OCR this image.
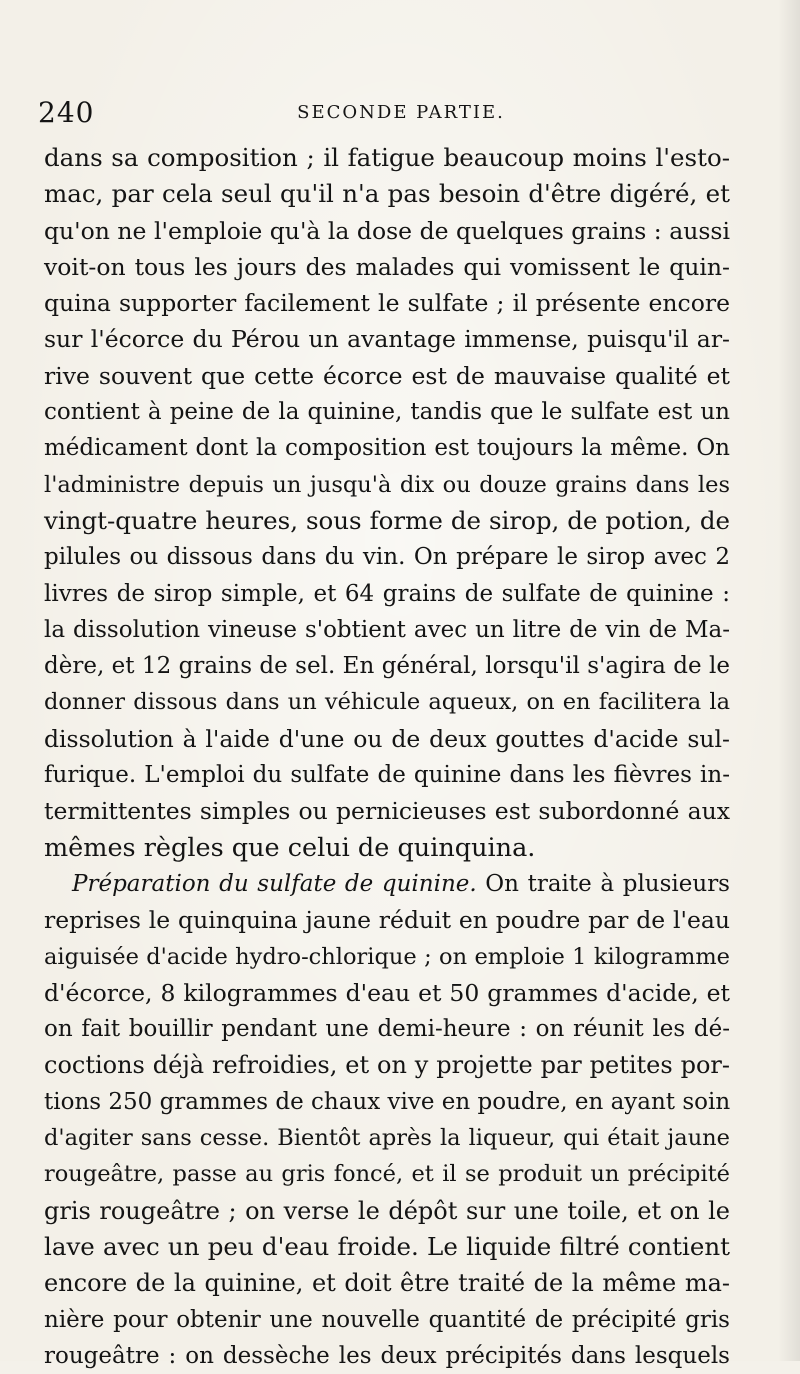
240	SECONDE PARTIE.
dans sa composition ; il fatigue beaucoup moins l'esto-
mac, par cela seul qu'il n'a pas besoin d'être digéré, et
qu'on ne l'emploie qu'à la dose de quelques grains : aussi
voit-on tous les jours des malades qui vomissent le quin-
quina supporter facilement le sulfate ; il présente encore
sur l'écorce du Pérou un avantage immense, puisqu'il ar-
rive souvent que cette écorce est de mauvaise qualité et
contient à peine de la quinine, tandis que le sulfate est un
médicament dont la composition est toujours la même. On
l'administre depuis un jusqu'à dix ou douze grains dans les
vingt-quatre heures, sous forme de sirop, de potion, de
pilules ou dissous dans du vin. On prépare le sirop avec 2
livres de sirop simple, et 64 grains de sulfate de quinine :
la dissolution vineuse s'obtient avec un litre de vin de Ma-
dère, et 12 grains de sel. En général, lorsqu'il s'agira de le
donner dissous dans un véhicule aqueux, on en facilitera la
dissolution à l'aide d'une ou de deux gouttes d'acide sul-
furique. L'emploi du sulfate de quinine dans les fièvres in-
termittentes simples ou pernicieuses est subordonné aux
mêmes règles que celui de quinquina.
Préparation du sulfate de quinine. On traite à plusieurs
reprises le quinquina jaune réduit en poudre par de l'eau
aiguisée d'acide hydro-chlorique ; on emploie 1 kilogramme
d'écorce, 8 kilogrammes d'eau et 50 grammes d'acide, et
on fait bouillir pendant une demi-heure : on réunit les dé-
coctions déjà refroidies, et on y projette par petites por-
tions 250 grammes de chaux vive en poudre, en ayant soin
d'agiter sans cesse. Bientôt après la liqueur, qui était jaune
rougeâtre, passe au gris foncé, et il se produit un précipité
gris rougeâtre ; on verse le dépôt sur une toile, et on le
lave avec un peu d'eau froide. Le liquide filtré contient
encore de la quinine, et doit être traité de la même ma-
nière pour obtenir une nouvelle quantité de précipité gris
rougeâtre : on dessèche les deux précipités dans lesquels
